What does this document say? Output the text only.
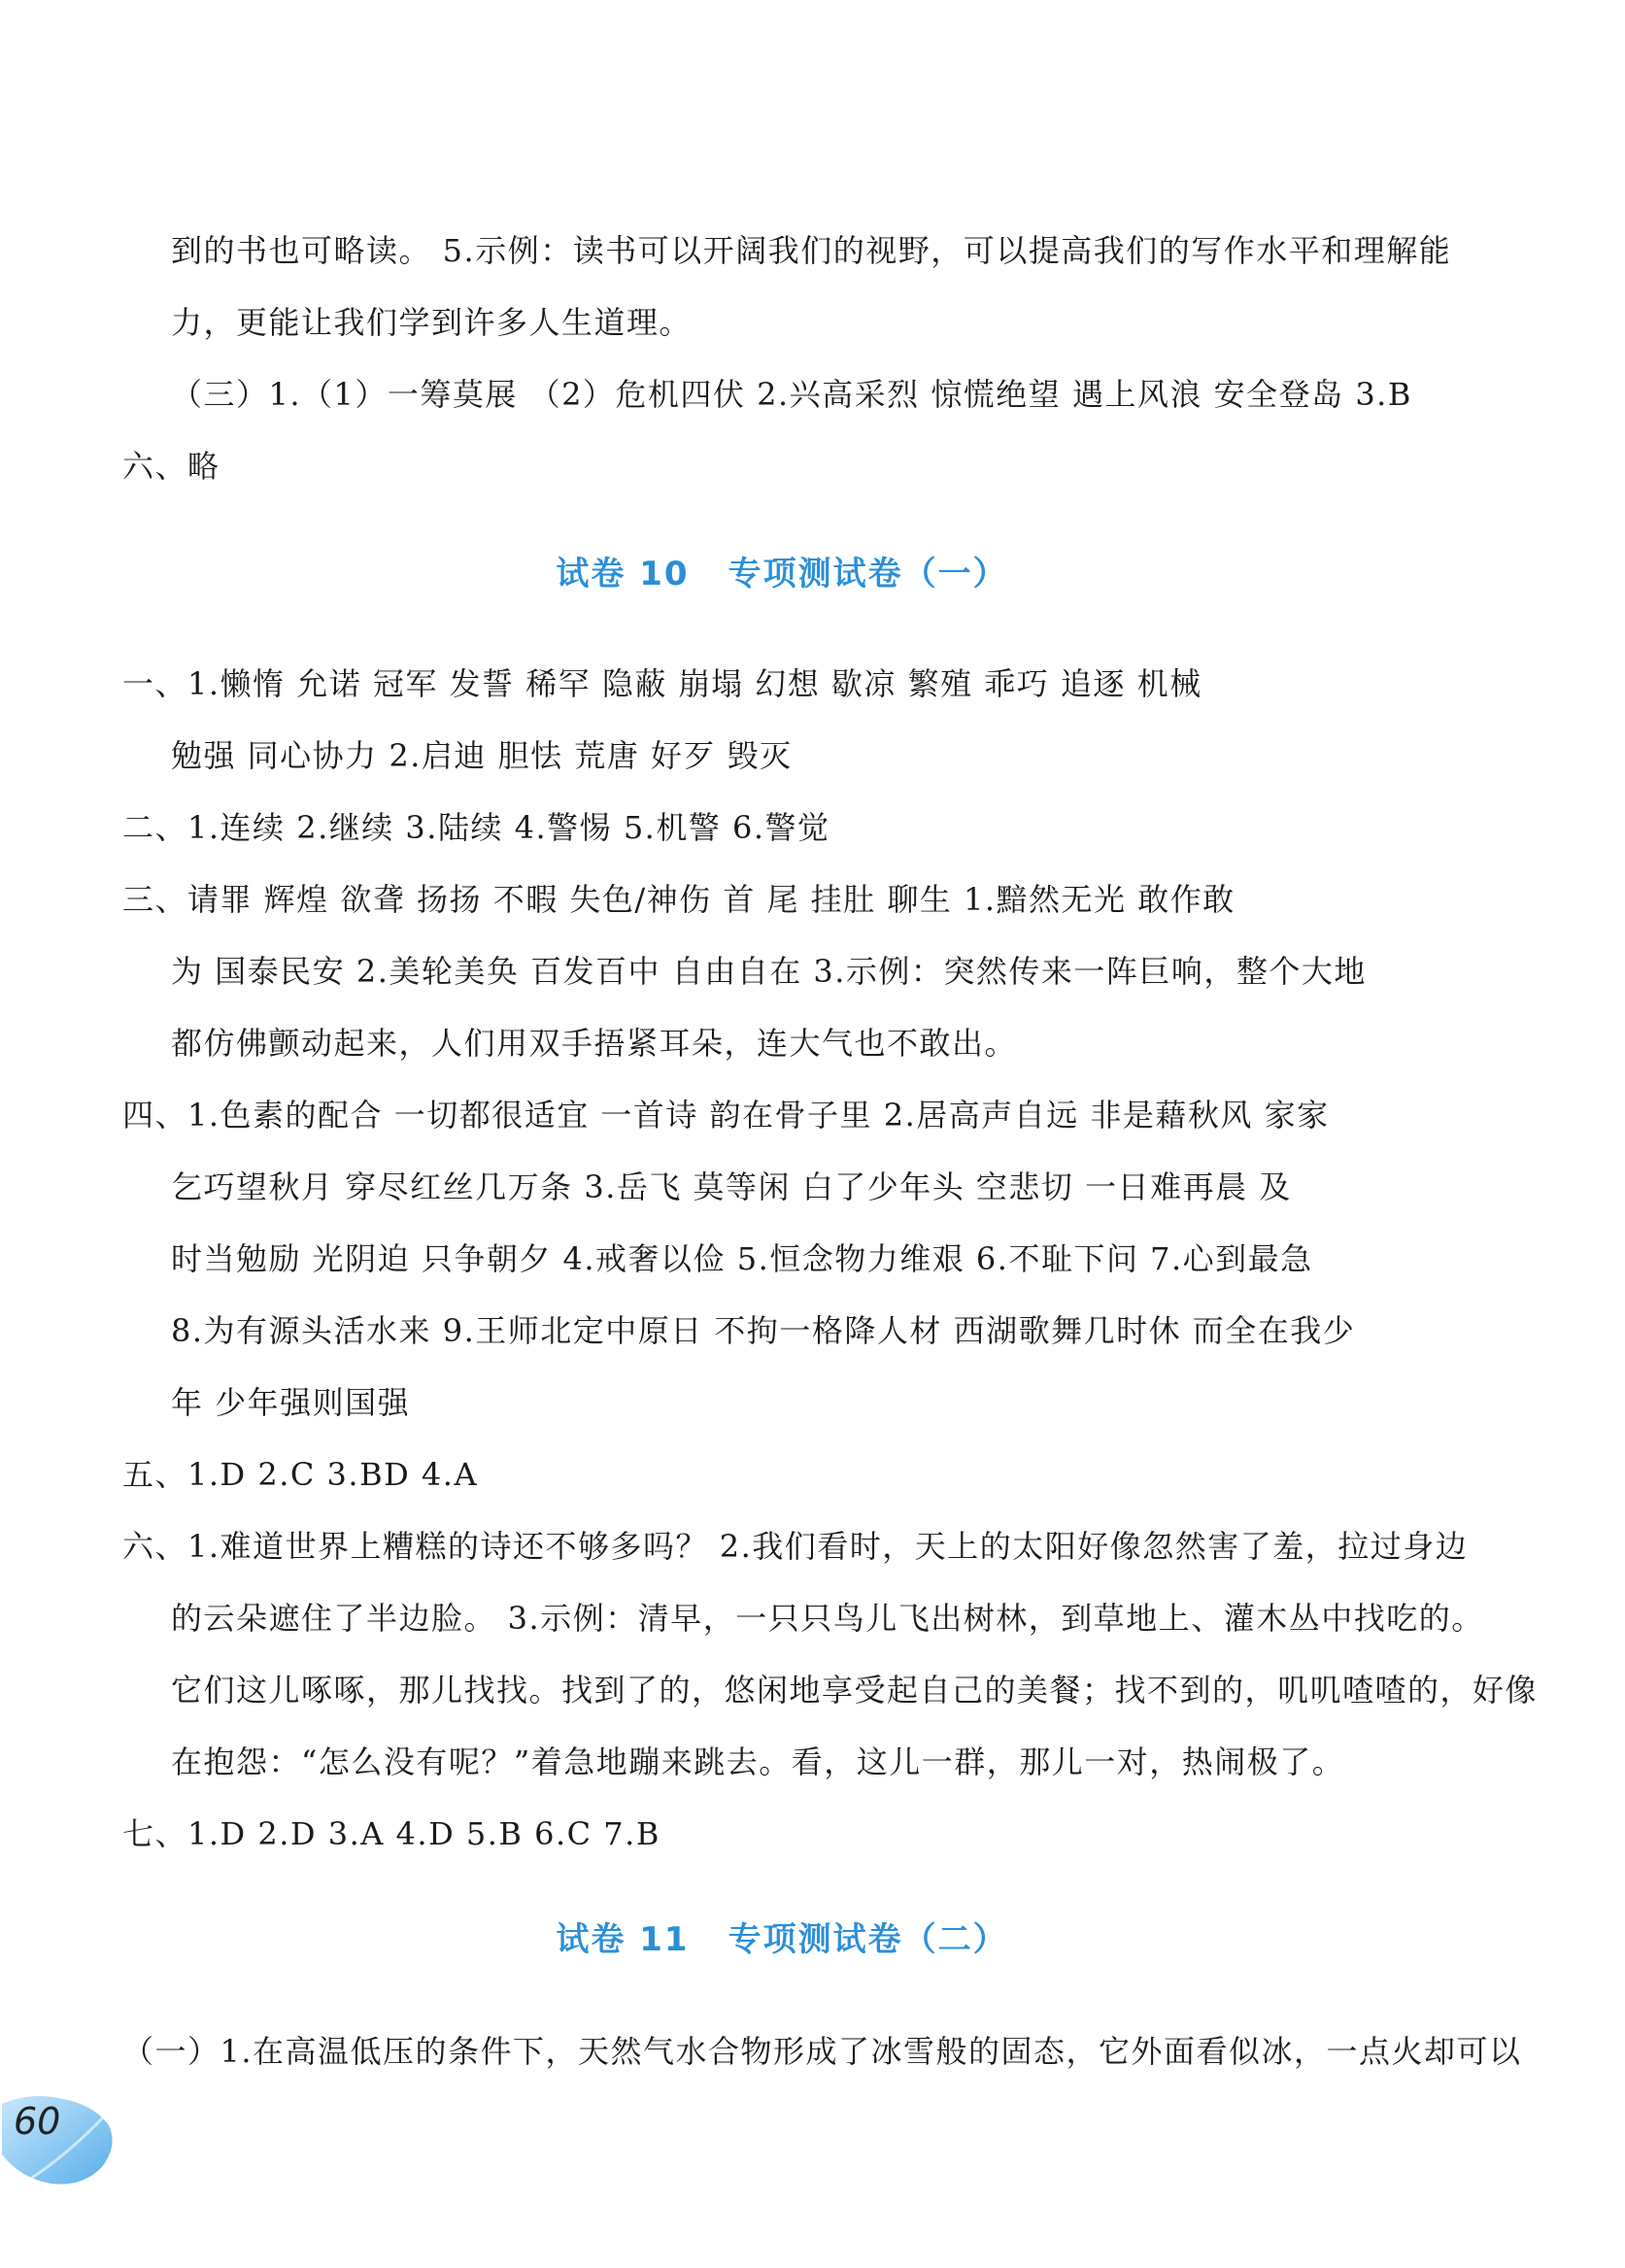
到的书也可略读。 5.示例：读书可以开阔我们的视野，可以提高我们的写作水平和理解能
力，更能让我们学到许多人生道理。
（三）1.（1）一筹莫展 （2）危机四伏 2.兴高采烈 惊慌绝望 遇上风浪 安全登岛 3.B
六、略
试卷 10 专项测试卷（一）
一、1.懒惰 允诺 冠军 发誓 稀罕 隐蔽 崩塌 幻想 歇凉 繁殖 乖巧 追逐 机械
勉强 同心协力 2.启迪 胆怯 荒唐 好歹 毁灭
二、1.连续 2.继续 3.陆续 4.警惕 5.机警 6.警觉
三、请罪 辉煌 欲聋 扬扬 不暇 失色/神伤 首 尾 挂肚 聊生 1.黯然无光 敢作敢
为 国泰民安 2.美轮美奂 百发百中 自由自在 3.示例：突然传来一阵巨响，整个大地
都仿佛颤动起来，人们用双手捂紧耳朵，连大气也不敢出。
四、1.色素的配合 一切都很适宜 一首诗 韵在骨子里 2.居高声自远 非是藉秋风 家家
乞巧望秋月 穿尽红丝几万条 3.岳飞 莫等闲 白了少年头 空悲切 一日难再晨 及
时当勉励 光阴迫 只争朝夕 4.戒奢以俭 5.恒念物力维艰 6.不耻下问 7.心到最急
8.为有源头活水来 9.王师北定中原日 不拘一格降人材 西湖歌舞几时休 而全在我少
年 少年强则国强
五、1.D 2.C 3.BD 4.A
六、1.难道世界上糟糕的诗还不够多吗？ 2.我们看时，天上的太阳好像忽然害了羞，拉过身边
的云朵遮住了半边脸。 3.示例：清早，一只只鸟儿飞出树林，到草地上、灌木丛中找吃的。
它们这儿啄啄，那儿找找。找到了的，悠闲地享受起自己的美餐；找不到的，叽叽喳喳的，好像
在抱怨：“怎么没有呢？”着急地蹦来跳去。看，这儿一群，那儿一对，热闹极了。
七、1.D 2.D 3.A 4.D 5.B 6.C 7.B
试卷 11 专项测试卷（二）
（一）1.在高温低压的条件下，天然气水合物形成了冰雪般的固态，它外面看似冰，一点火却可以
60
